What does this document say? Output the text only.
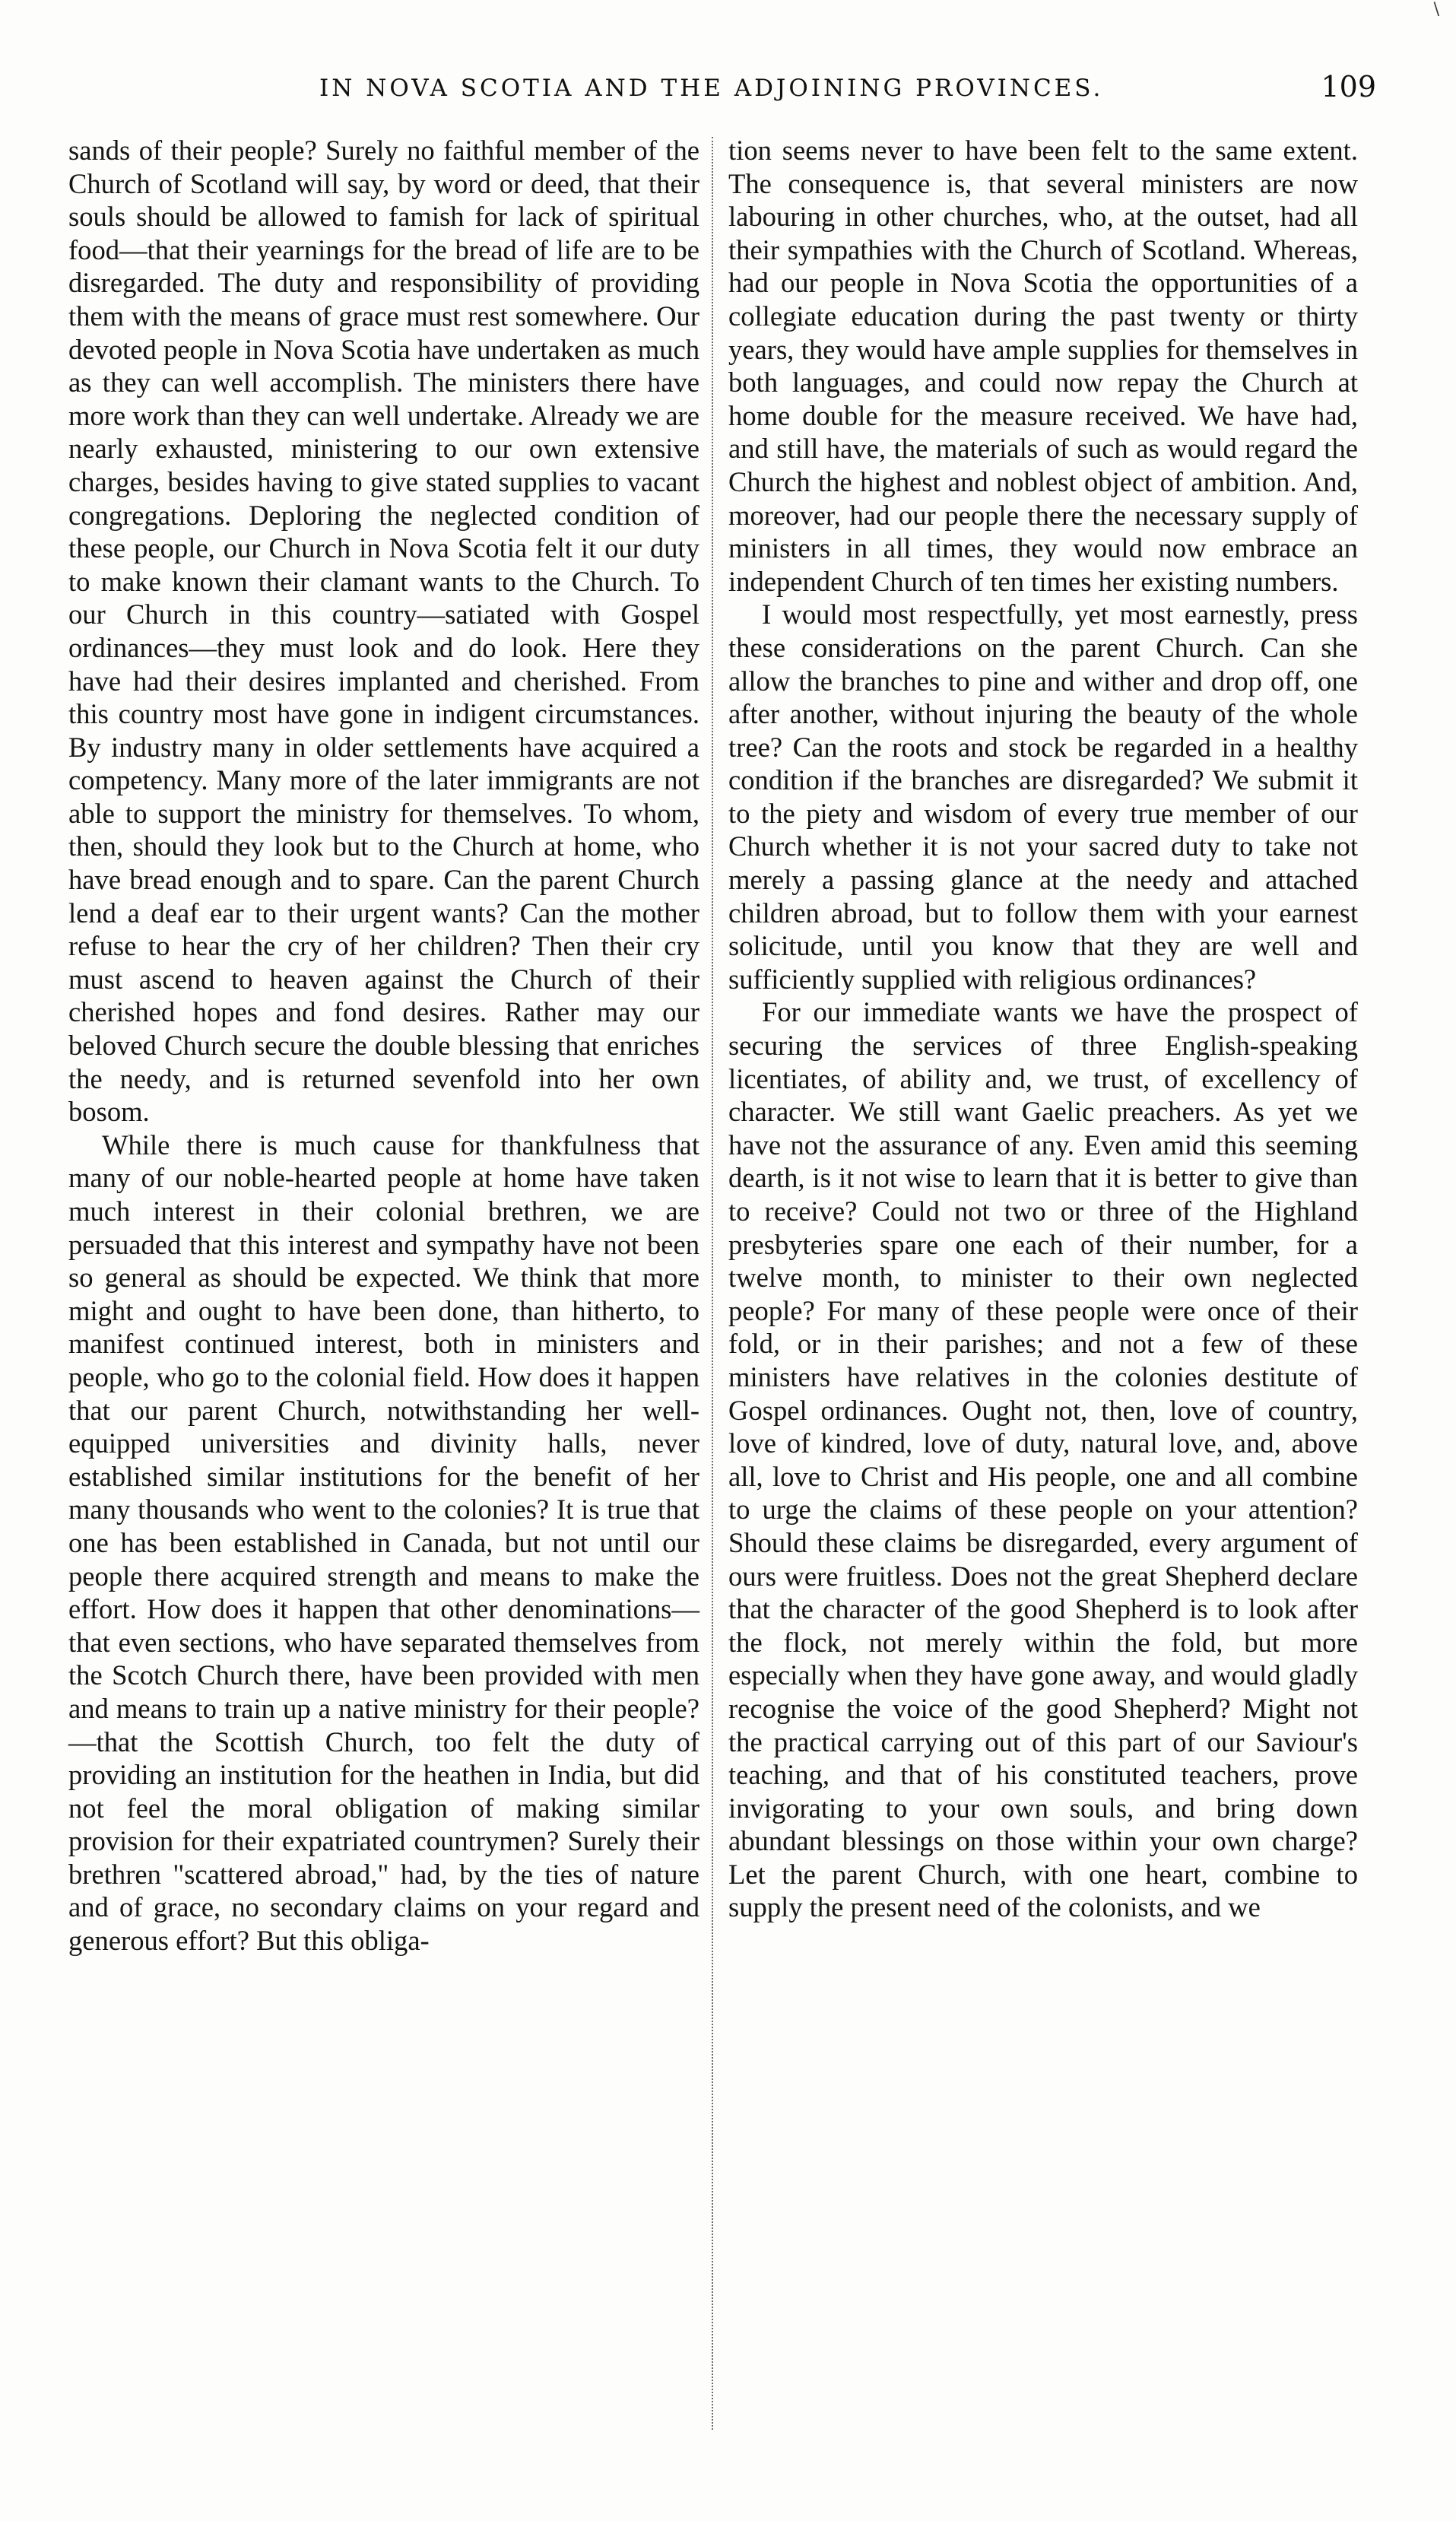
\
IN NOVA SCOTIA AND THE ADJOINING PROVINCES.	109

sands of their people? Surely no faithful member of the Church of Scotland will say, by word or deed, that their souls should be allowed to famish for lack of spiritual food—that their yearnings for the bread of life are to be disregarded. The duty and responsibility of providing them with the means of grace must rest somewhere. Our devoted people in Nova Scotia have undertaken as much as they can well accomplish. The ministers there have more work than they can well undertake. Already we are nearly exhausted, ministering to our own extensive charges, besides having to give stated supplies to vacant congregations. Deploring the neglected condition of these people, our Church in Nova Scotia felt it our duty to make known their clamant wants to the Church. To our Church in this country—satiated with Gospel ordinances—they must look and do look. Here they have had their desires implanted and cherished. From this country most have gone in indigent circumstances. By industry many in older settlements have acquired a competency. Many more of the later immigrants are not able to support the ministry for themselves. To whom, then, should they look but to the Church at home, who have bread enough and to spare. Can the parent Church lend a deaf ear to their urgent wants? Can the mother refuse to hear the cry of her children? Then their cry must ascend to heaven against the Church of their cherished hopes and fond desires. Rather may our beloved Church secure the double blessing that enriches the needy, and is returned sevenfold into her own bosom.

While there is much cause for thankfulness that many of our noble-hearted people at home have taken much interest in their colonial brethren, we are persuaded that this interest and sympathy have not been so general as should be expected. We think that more might and ought to have been done, than hitherto, to manifest continued interest, both in ministers and people, who go to the colonial field. How does it happen that our parent Church, notwithstanding her well-equipped universities and divinity halls, never established similar institutions for the benefit of her many thousands who went to the colonies? It is true that one has been established in Canada, but not until our people there acquired strength and means to make the effort. How does it happen that other denominations—that even sections, who have separated themselves from the Scotch Church there, have been provided with men and means to train up a native ministry for their people?—that the Scottish Church, too felt the duty of providing an institution for the heathen in India, but did not feel the moral obligation of making similar provision for their expatriated countrymen? Surely their brethren "scattered abroad," had, by the ties of nature and of grace, no secondary claims on your regard and generous effort? But this obliga-

tion seems never to have been felt to the same extent. The consequence is, that several ministers are now labouring in other churches, who, at the outset, had all their sympathies with the Church of Scotland. Whereas, had our people in Nova Scotia the opportunities of a collegiate education during the past twenty or thirty years, they would have ample supplies for themselves in both languages, and could now repay the Church at home double for the measure received. We have had, and still have, the materials of such as would regard the Church the highest and noblest object of ambition. And, moreover, had our people there the necessary supply of ministers in all times, they would now embrace an independent Church of ten times her existing numbers.

I would most respectfully, yet most earnestly, press these considerations on the parent Church. Can she allow the branches to pine and wither and drop off, one after another, without injuring the beauty of the whole tree? Can the roots and stock be regarded in a healthy condition if the branches are disregarded? We submit it to the piety and wisdom of every true member of our Church whether it is not your sacred duty to take not merely a passing glance at the needy and attached children abroad, but to follow them with your earnest solicitude, until you know that they are well and sufficiently supplied with religious ordinances?

For our immediate wants we have the prospect of securing the services of three English-speaking licentiates, of ability and, we trust, of excellency of character. We still want Gaelic preachers. As yet we have not the assurance of any. Even amid this seeming dearth, is it not wise to learn that it is better to give than to receive? Could not two or three of the Highland presbyteries spare one each of their number, for a twelve month, to minister to their own neglected people? For many of these people were once of their fold, or in their parishes; and not a few of these ministers have relatives in the colonies destitute of Gospel ordinances. Ought not, then, love of country, love of kindred, love of duty, natural love, and, above all, love to Christ and His people, one and all combine to urge the claims of these people on your attention? Should these claims be disregarded, every argument of ours were fruitless. Does not the great Shepherd declare that the character of the good Shepherd is to look after the flock, not merely within the fold, but more especially when they have gone away, and would gladly recognise the voice of the good Shepherd? Might not the practical carrying out of this part of our Saviour's teaching, and that of his constituted teachers, prove invigorating to your own souls, and bring down abundant blessings on those within your own charge? Let the parent Church, with one heart, combine to supply the present need of the colonists, and we
